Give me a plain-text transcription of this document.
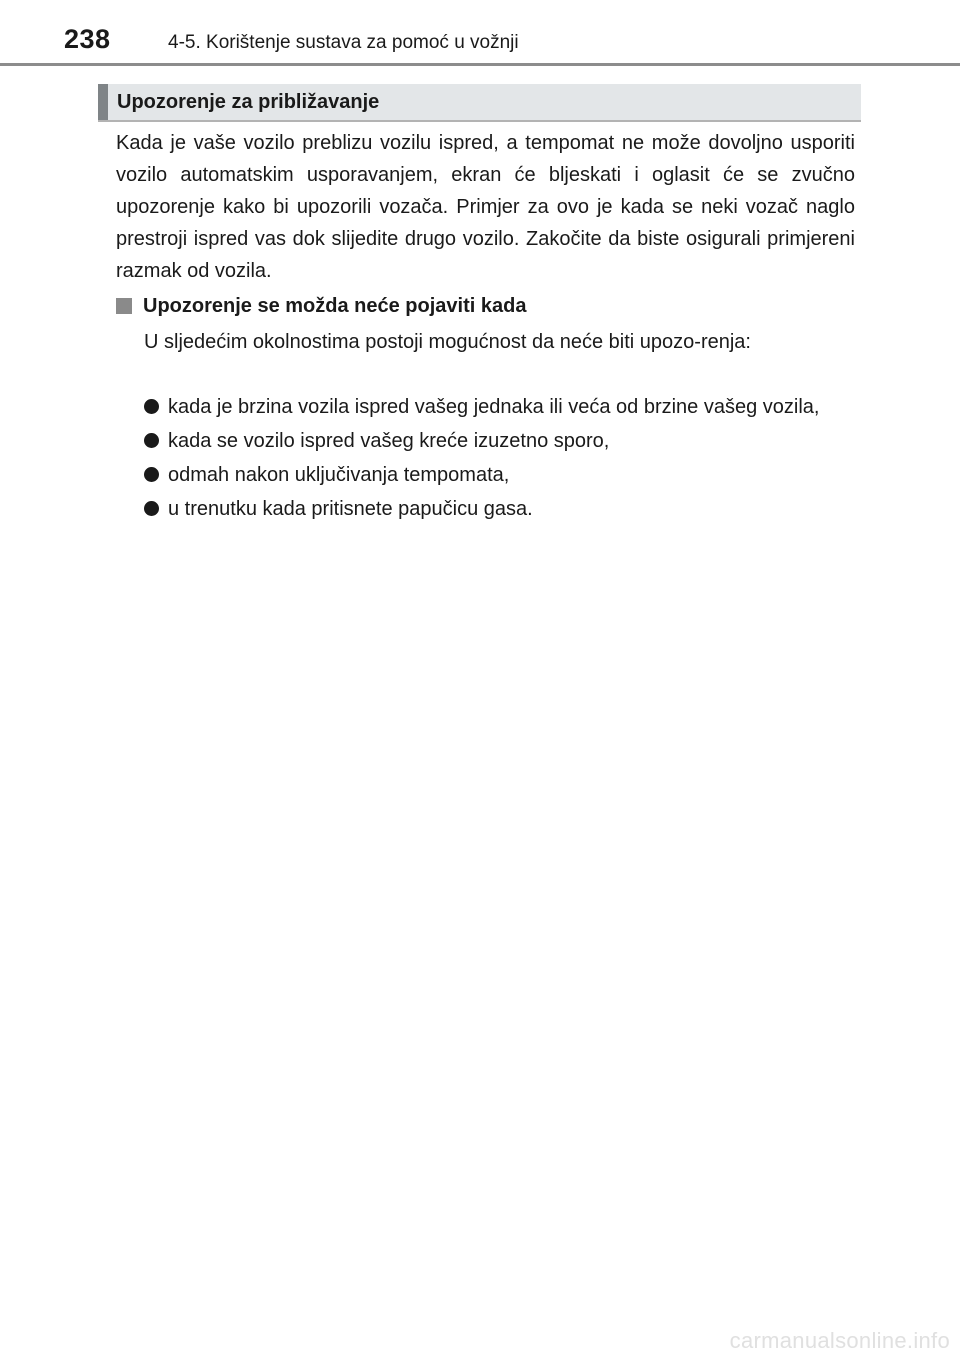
238	4-5. Korištenje sustava za pomoć u vožnji
Upozorenje za približavanje
Kada je vaše vozilo preblizu vozilu ispred, a tempomat ne može dovoljno usporiti vozilo automatskim usporavanjem, ekran će bljeskati i oglasit će se zvučno upozorenje kako bi upozorili vozača. Primjer za ovo je kada se neki vozač naglo prestroji ispred vas dok slijedite drugo vozilo. Zakočite da biste osigurali primjereni razmak od vozila.
Upozorenje se možda neće pojaviti kada
U sljedećim okolnostima postoji mogućnost da neće biti upozo-renja:
kada je brzina vozila ispred vašeg jednaka ili veća od brzine vašeg vozila,
kada se vozilo ispred vašeg kreće izuzetno sporo,
odmah nakon uključivanja tempomata,
u trenutku kada pritisnete papučicu gasa.
carmanualsonline.info
